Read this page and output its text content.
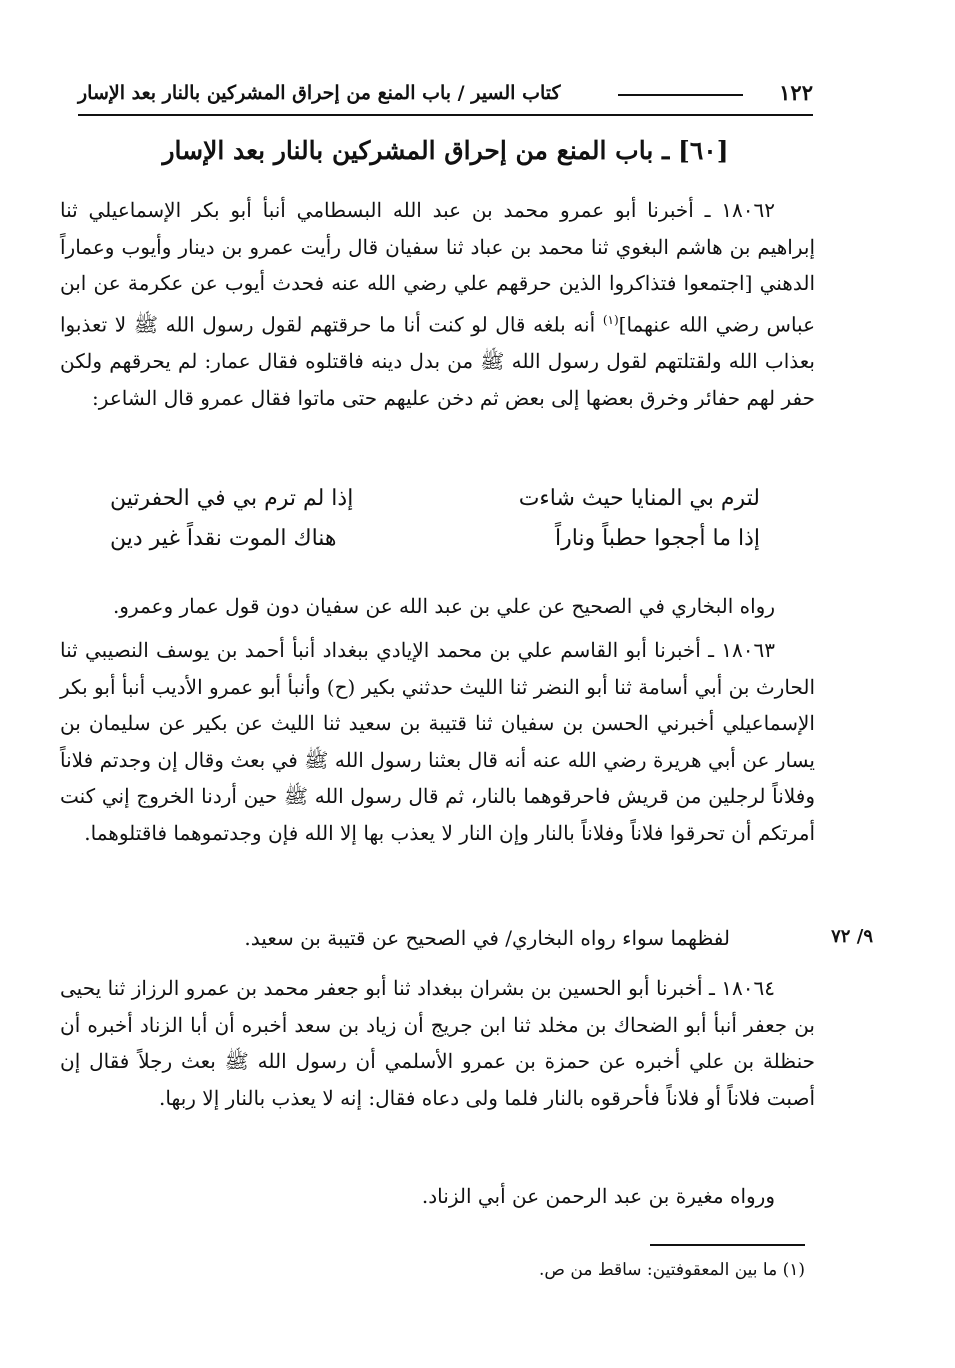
١٢٢
كتاب السير / باب المنع من إحراق المشركين بالنار بعد الإسار
[٦٠] ـ باب المنع من إحراق المشركين بالنار بعد الإسار

١٨٠٦٢ ـ أخبرنا أبو عمرو محمد بن عبد الله البسطامي أنبأ أبو بكر الإسماعيلي ثنا إبراهيم بن هاشم البغوي ثنا محمد بن عباد ثنا سفيان قال رأيت عمرو بن دينار وأيوب وعماراً الدهني [اجتمعوا فتذاكروا الذين حرقهم علي رضي الله عنه فحدث أيوب عن عكرمة عن ابن عباس رضي الله عنهما]$^{(١)}$ أنه بلغه قال لو كنت أنا ما حرقتهم لقول رسول الله ﷺ لا تعذبوا بعذاب الله ولقتلتهم لقول رسول الله ﷺ من بدل دينه فاقتلوه فقال عمار: لم يحرقهم ولكن حفر لهم حفائر وخرق بعضها إلى بعض ثم دخن عليهم حتى ماتوا فقال عمرو قال الشاعر:

لترم بي المنايا حيث شاءت
إذا لم ترم بي في الحفرتين
إذا ما أججوا حطباً وناراً
هناك الموت نقداً غير دين

رواه البخاري في الصحيح عن علي بن عبد الله عن سفيان دون قول عمار وعمرو.

١٨٠٦٣ ـ أخبرنا أبو القاسم علي بن محمد الإيادي ببغداد أنبأ أحمد بن يوسف النصيبي ثنا الحارث بن أبي أسامة ثنا أبو النضر ثنا الليث حدثني بكير (ح) وأنبأ أبو عمرو الأديب أنبأ أبو بكر الإسماعيلي أخبرني الحسن بن سفيان ثنا قتيبة بن سعيد ثنا الليث عن بكير عن سليمان بن يسار عن أبي هريرة رضي الله عنه أنه قال بعثنا رسول الله ﷺ في بعث وقال إن وجدتم فلاناً وفلاناً لرجلين من قريش فاحرقوهما بالنار، ثم قال رسول الله ﷺ حين أردنا الخروج إني كنت أمرتكم أن تحرقوا فلاناً وفلاناً بالنار وإن النار لا يعذب بها إلا الله فإن وجدتموهما فاقتلوهما.

٩/ ٧٢

لفظهما سواء رواه البخاري/ في الصحيح عن قتيبة بن سعيد.

١٨٠٦٤ ـ أخبرنا أبو الحسين بن بشران ببغداد ثنا أبو جعفر محمد بن عمرو الرزاز ثنا يحيى بن جعفر أنبأ أبو الضحاك بن مخلد ثنا ابن جريج أن زياد بن سعد أخبره أن أبا الزناد أخبره أن حنظلة بن علي أخبره عن حمزة بن عمرو الأسلمي أن رسول الله ﷺ بعث رجلاً فقال إن أصبت فلاناً أو فلاناً فأحرقوه بالنار فلما ولى دعاه فقال: إنه لا يعذب بالنار إلا ربها.

ورواه مغيرة بن عبد الرحمن عن أبي الزناد.

(١) ما بين المعقوفتين: ساقط من ص.
